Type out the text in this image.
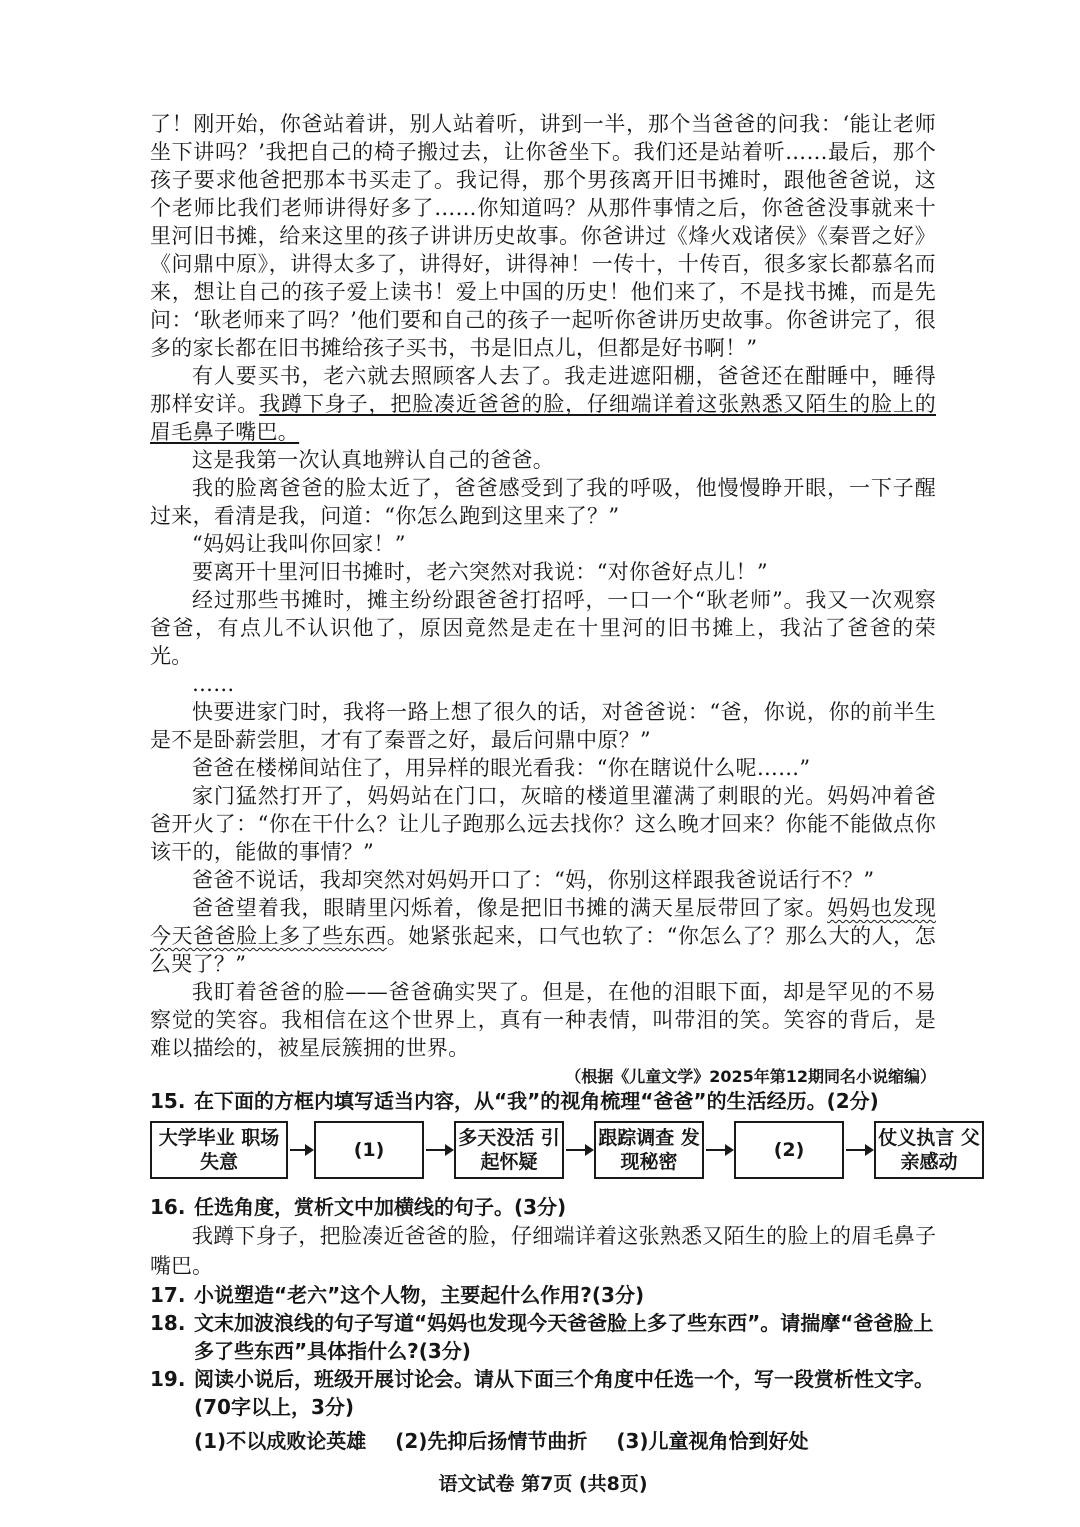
了！刚开始，你爸站着讲，别人站着听，讲到一半，那个当爸爸的问我：‘能让老师坐下讲吗？’我把自己的椅子搬过去，让你爸坐下。我们还是站着听……最后，那个孩子要求他爸把那本书买走了。我记得，那个男孩离开旧书摊时，跟他爸爸说，这个老师比我们老师讲得好多了……你知道吗？从那件事情之后，你爸爸没事就来十里河旧书摊，给来这里的孩子讲讲历史故事。你爸讲过《烽火戏诸侯》《秦晋之好》《问鼎中原》，讲得太多了，讲得好，讲得神！一传十，十传百，很多家长都慕名而来，想让自己的孩子爱上读书！爱上中国的历史！他们来了，不是找书摊，而是先问：‘耿老师来了吗？’他们要和自己的孩子一起听你爸讲历史故事。你爸讲完了，很多的家长都在旧书摊给孩子买书，书是旧点儿，但都是好书啊！”

有人要买书，老六就去照顾客人去了。我走进遮阳棚，爸爸还在酣睡中，睡得那样安详。我蹲下身子，把脸凑近爸爸的脸，仔细端详着这张熟悉又陌生的脸上的眉毛鼻子嘴巴。

这是我第一次认真地辨认自己的爸爸。

我的脸离爸爸的脸太近了，爸爸感受到了我的呼吸，他慢慢睁开眼，一下子醒过来，看清是我，问道：“你怎么跑到这里来了？”

“妈妈让我叫你回家！”

要离开十里河旧书摊时，老六突然对我说：“对你爸好点儿！”

经过那些书摊时，摊主纷纷跟爸爸打招呼，一口一个“耿老师”。我又一次观察爸爸，有点儿不认识他了，原因竟然是走在十里河的旧书摊上，我沾了爸爸的荣光。

……

快要进家门时，我将一路上想了很久的话，对爸爸说：“爸，你说，你的前半生是不是卧薪尝胆，才有了秦晋之好，最后问鼎中原？”

爸爸在楼梯间站住了，用异样的眼光看我：“你在瞎说什么呢……”

家门猛然打开了，妈妈站在门口，灰暗的楼道里灌满了刺眼的光。妈妈冲着爸爸开火了：“你在干什么？让儿子跑那么远去找你？这么晚才回来？你能不能做点你该干的，能做的事情？”

爸爸不说话，我却突然对妈妈开口了：“妈，你别这样跟我爸说话行不？”

爸爸望着我，眼睛里闪烁着，像是把旧书摊的满天星辰带回了家。妈妈也发现今天爸爸脸上多了些东西。她紧张起来，口气也软了：“你怎么了？那么大的人，怎么哭了？”

我盯着爸爸的脸——爸爸确实哭了。但是，在他的泪眼下面，却是罕见的不易察觉的笑容。我相信在这个世界上，真有一种表情，叫带泪的笑。笑容的背后，是难以描绘的，被星辰簇拥的世界。

（根据《儿童文学》2025年第12期同名小说缩编）

15. 在下面的方框内填写适当内容，从“我”的视角梳理“爸爸”的生活经历。(2分)

大学毕业 职场失意
(1)
多天没活 引起怀疑
跟踪调查 发现秘密
(2)
仗义执言 父亲感动

16. 任选角度，赏析文中加横线的句子。(3分)

我蹲下身子，把脸凑近爸爸的脸，仔细端详着这张熟悉又陌生的脸上的眉毛鼻子嘴巴。

17. 小说塑造“老六”这个人物，主要起什么作用?(3分)

18. 文末加波浪线的句子写道“妈妈也发现今天爸爸脸上多了些东西”。请揣摩“爸爸脸上多了些东西”具体指什么?(3分)

19. 阅读小说后，班级开展讨论会。请从下面三个角度中任选一个，写一段赏析性文字。(70字以上，3分)

(1)不以成败论英雄 (2)先抑后扬情节曲折 (3)儿童视角恰到好处
语文试卷 第7页 (共8页)
